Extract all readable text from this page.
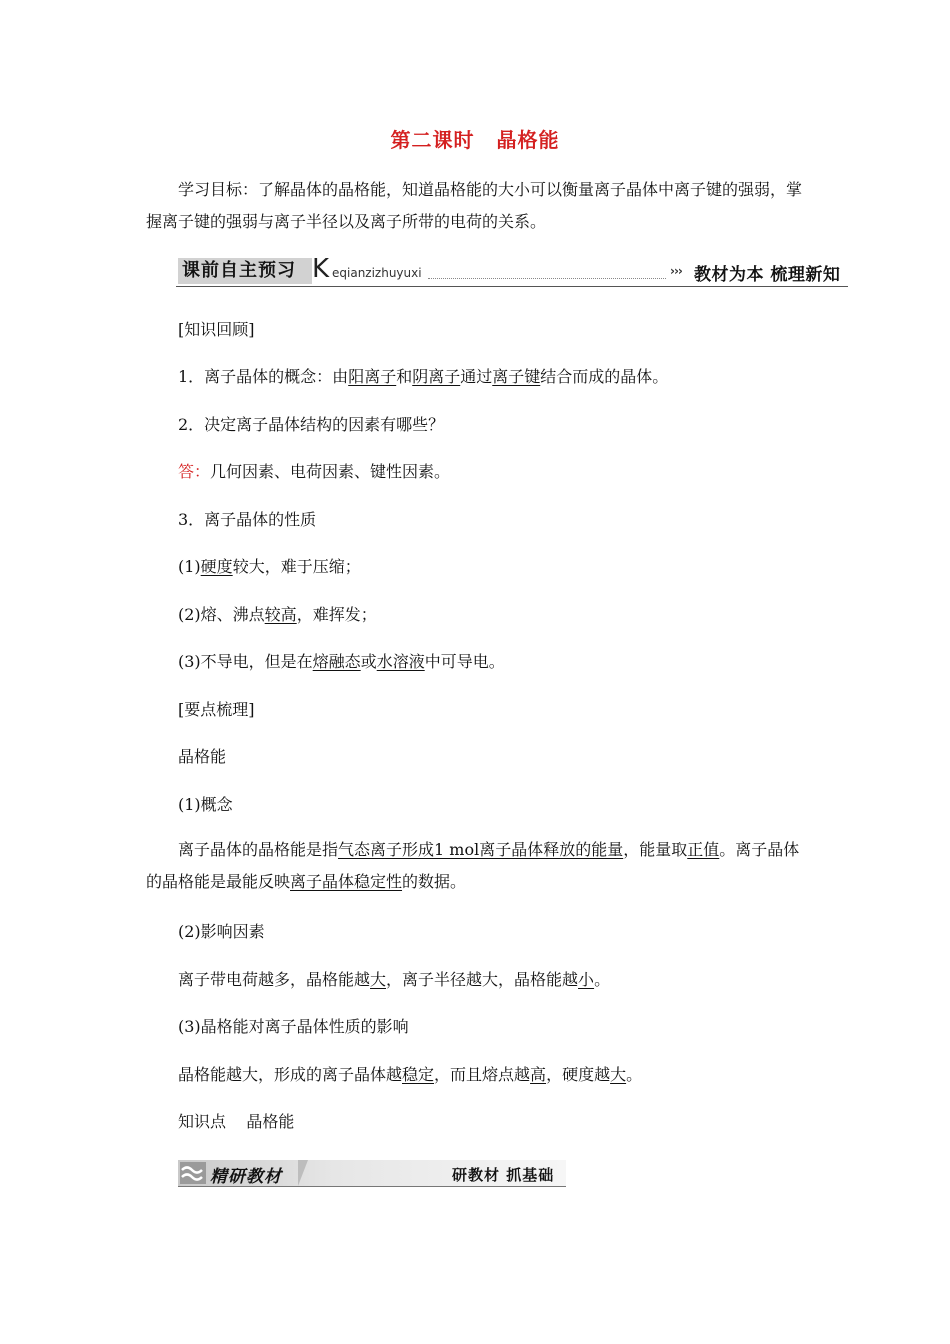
第二课时 晶格能
学习目标：了解晶体的晶格能，知道晶格能的大小可以衡量离子晶体中离子键的强弱，掌握离子键的强弱与离子半径以及离子所带的电荷的关系。
课前自主预习 K eqianzizhuyuxi	››› 教材为本 梳理新知
[知识回顾]
1．离子晶体的概念：由阳离子和阴离子通过离子键结合而成的晶体。
2．决定离子晶体结构的因素有哪些？
答：几何因素、电荷因素、键性因素。
3．离子晶体的性质
(1)硬度较大，难于压缩；
(2)熔、沸点较高，难挥发；
(3)不导电，但是在熔融态或水溶液中可导电。
[要点梳理]
晶格能
(1)概念
离子晶体的晶格能是指气态离子形成1 mol离子晶体释放的能量，能量取正值。离子晶体的晶格能是最能反映离子晶体稳定性的数据。
(2)影响因素
离子带电荷越多，晶格能越大，离子半径越大，晶格能越小。
(3)晶格能对离子晶体性质的影响
晶格能越大，形成的离子晶体越稳定，而且熔点越高，硬度越大。
知识点    晶格能
精研教材	研教材 抓基础
